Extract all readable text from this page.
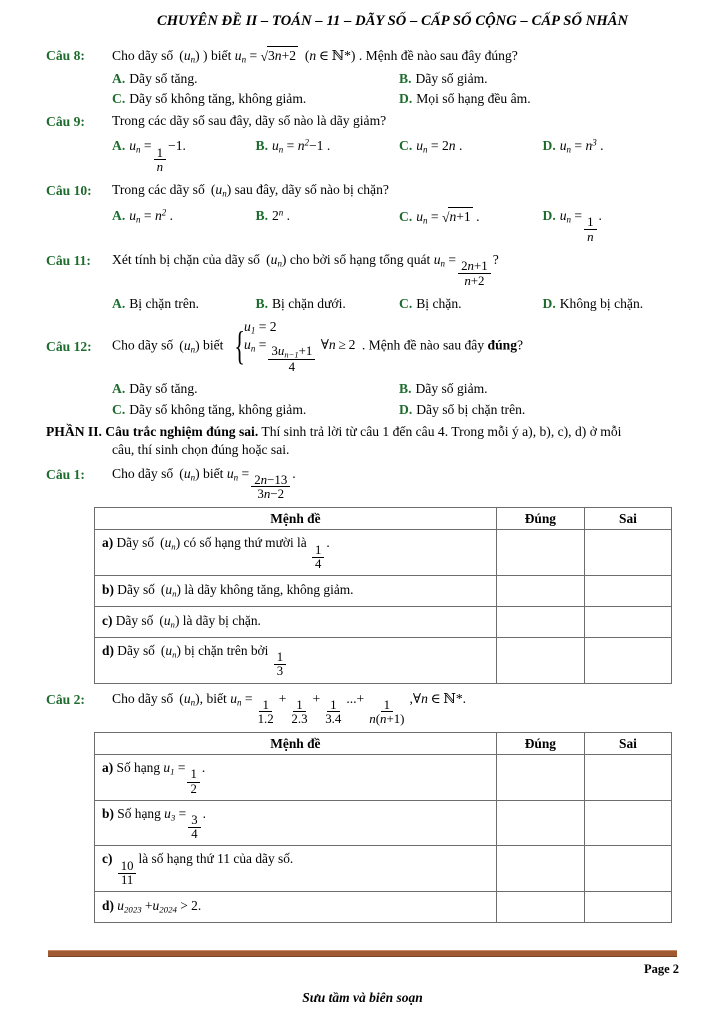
CHUYÊN ĐỀ II – TOÁN – 11 – DÃY SỐ – CẤP SỐ CỘNG – CẤP SỐ NHÂN
Câu 8:	Cho dãy số  $(u_n)$ ) biết $u_n = √3n+2$  (n ∈ ℕ*) . Mệnh đề nào sau đây đúng?
A. Dãy số tăng.	B. Dãy số giảm.
C. Dãy số không tăng, không giảm.	D. Mọi số hạng đều âm.
Câu 9:	Trong các dãy số sau đây, dãy số nào là dãy giảm?
A. $u_n = \frac{1}{n} -1$.	B. $u_n = n^2-1$ .	C. $u_n = 2n$ .	D. $u_n = n^3$ .
Câu 10:	Trong các dãy số  $(u_n)$ sau đây, dãy số nào bị chặn?
A. $u_n = n^2$ .	B. 2$^n$ .	C. $u_n = √n+1$ .	D. $u_n = \frac{1}{n}$ .
Câu 11:	Xét tính bị chặn của dãy số  $(u_n)$ cho bởi số hạng tổng quát $u_n = \frac{2n+1}{n+2}$ ?
A. Bị chặn trên.	B. Bị chặn dưới.	C. Bị chặn.	D. Không bị chặn.
Câu 12:	Cho dãy số  $(u_n)$ biết { $u_1 = 2$
$u_n = \frac{3u_{n-1}+1}{4}$ ∀n ≥ 2 . Mệnh đề nào sau đây đúng?
A. Dãy số tăng.	B. Dãy số giảm.
C. Dãy số không tăng, không giảm.	D. Dãy số bị chặn trên.
PHẦN II. Câu trắc nghiệm đúng sai. Thí sinh trả lời từ câu 1 đến câu 4. Trong mỗi ý a), b), c), d) ở mỗi
câu, thí sinh chọn đúng hoặc sai.
Câu 1:	Cho dãy số  $(u_n)$ biết $u_n = \frac{2n-13}{3n-2}$ .
Mệnh đề	Đúng	Sai
a) Dãy số  $(u_n)$ có số hạng thứ mười là
$\frac{1}{4}$
.		
b) Dãy số  $(u_n)$ là dãy không tăng, không giảm.		
c) Dãy số  $(u_n)$ là dãy bị chặn.		
d) Dãy số  $(u_n)$ bị chặn trên bởi
$\frac{1}{3}$

Câu 2:	Cho dãy số  $(u_n)$, biết $u_n = \frac{1}{1.2} + \frac{1}{2.3} + \frac{1}{3.4}$ ...+ $\frac{1}{n(n+1)}$ ,∀n ∈ ℕ*.
Mệnh đề	Đúng	Sai
a) Số hạng $u_1$ =
$\frac{1}{2}$
.		
b) Số hạng $u_3$ =
$\frac{3}{4}$
.		
c)
$\frac{10}{11}$
là số hạng thứ 11 của dãy số.		
d) $u_{2023} +u_{2024} > 2$.		
Page 2
Sưu tầm và biên soạn
